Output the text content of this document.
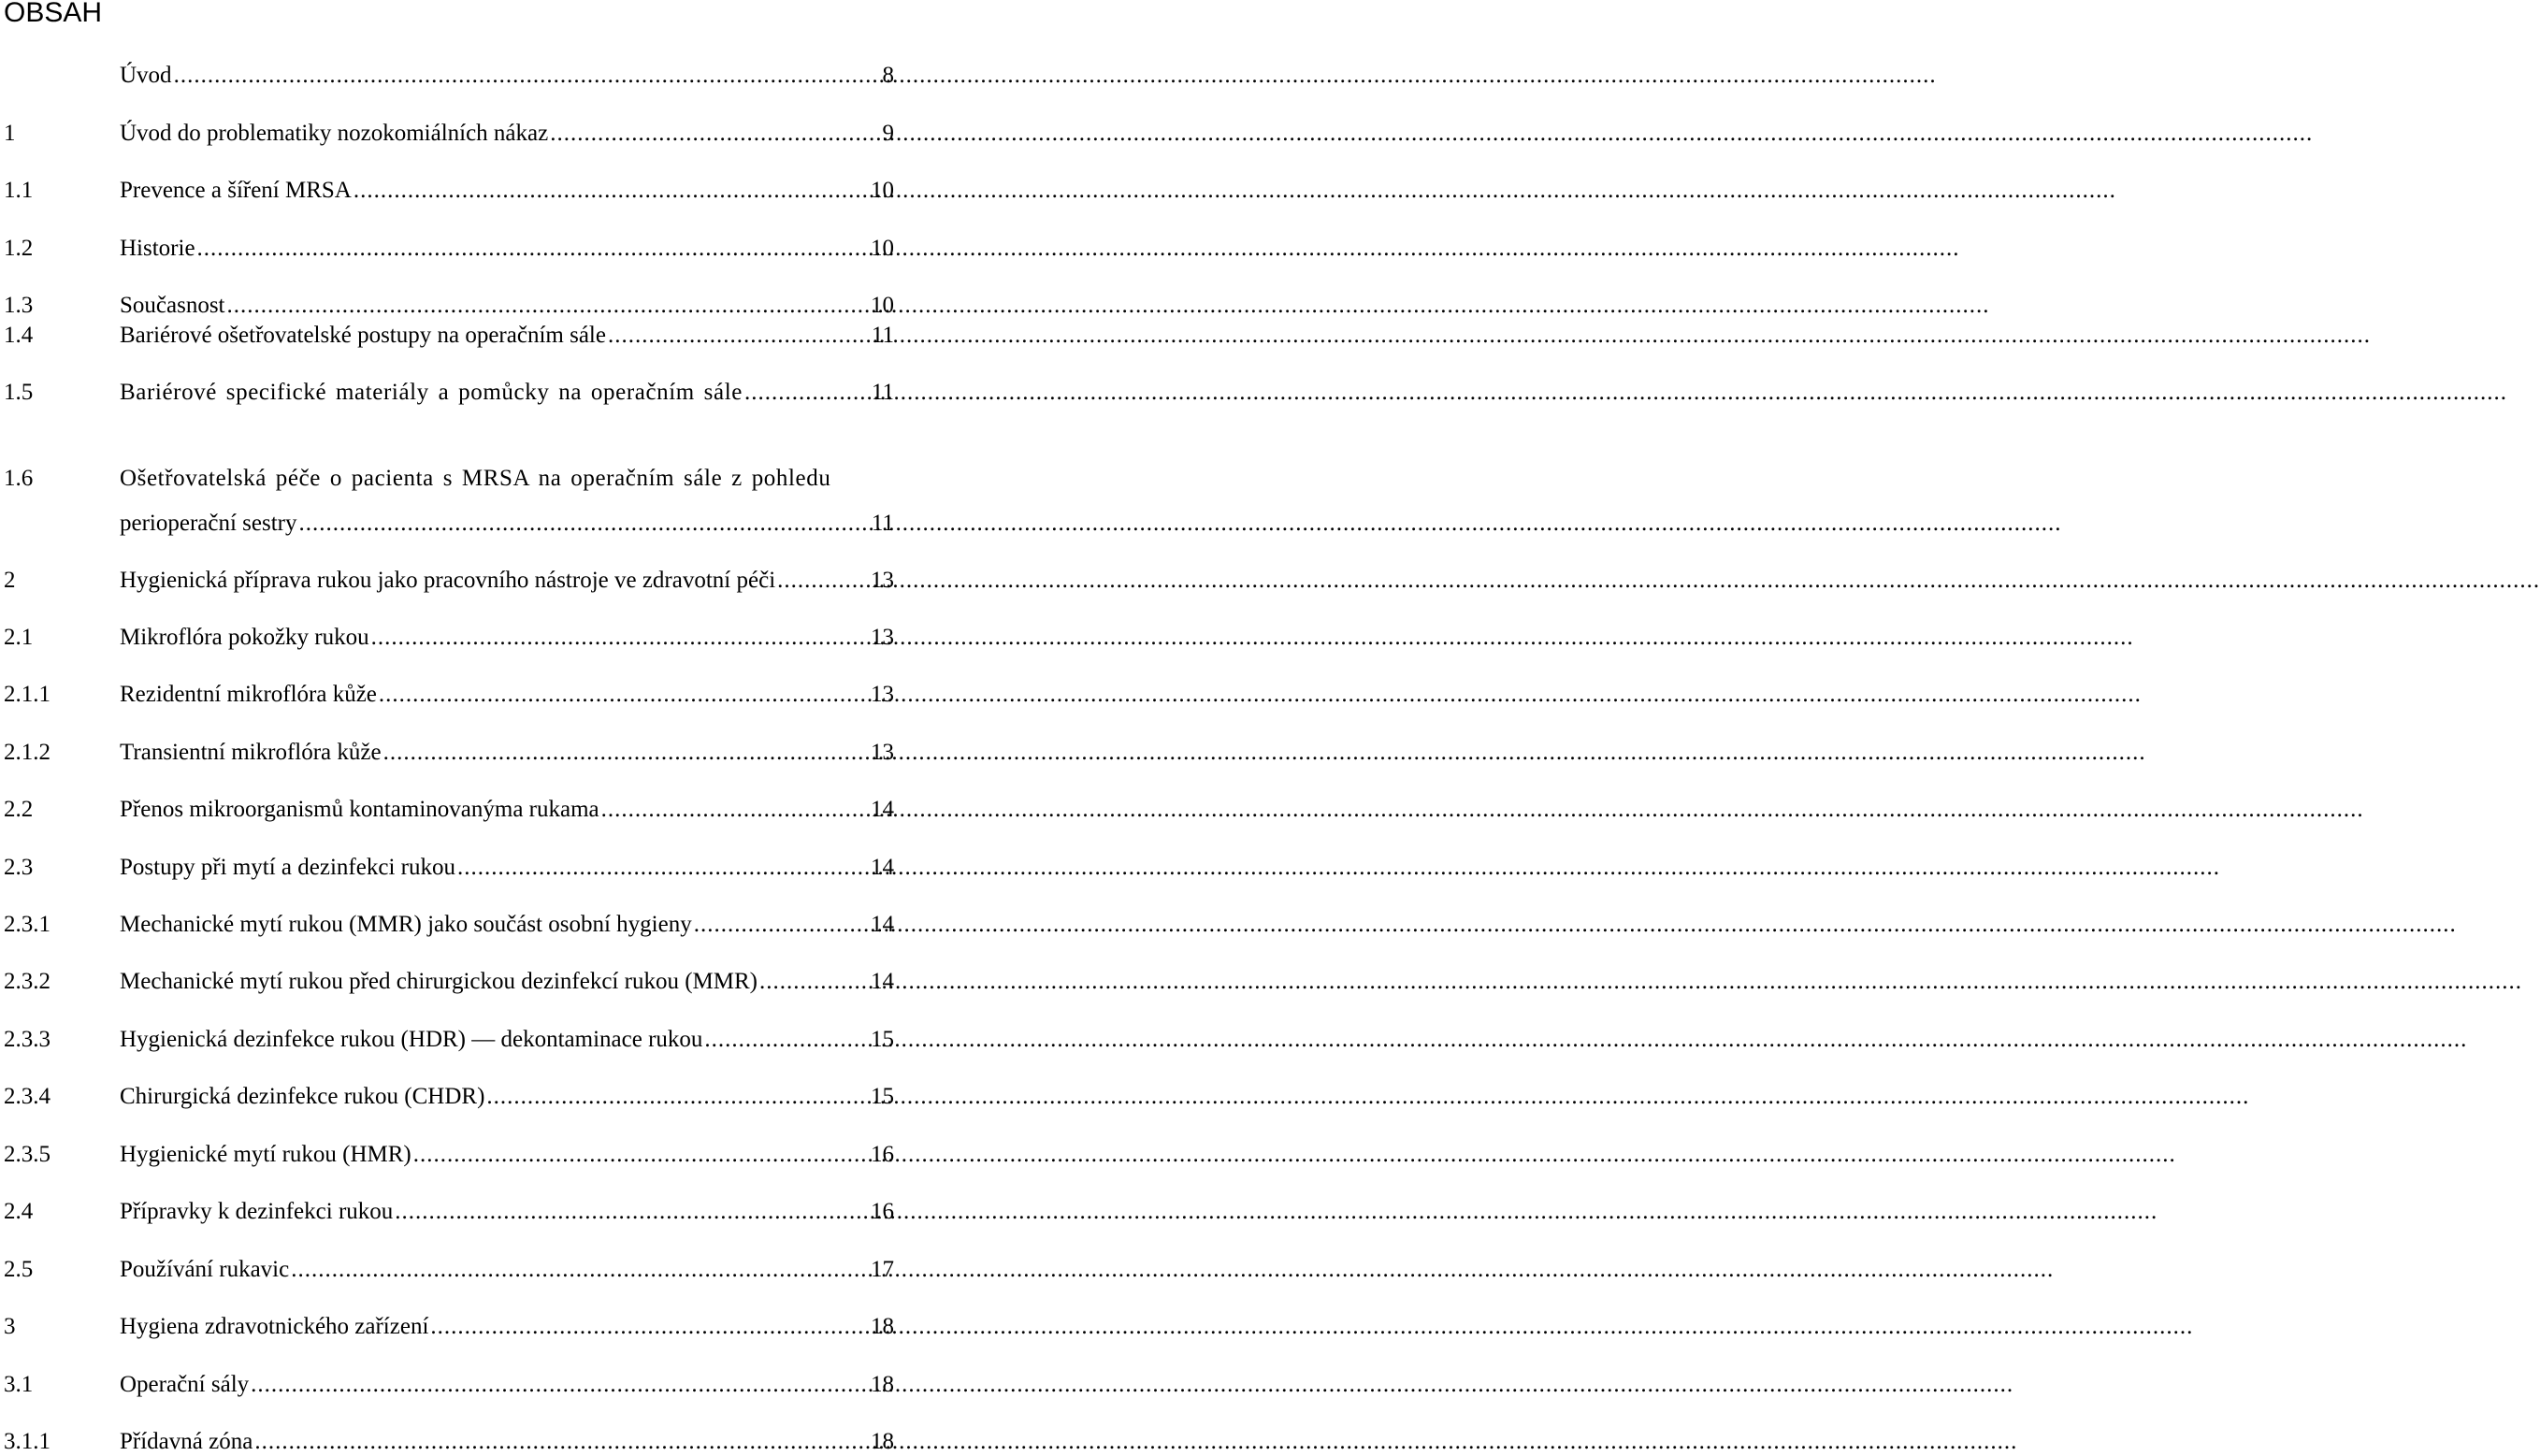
OBSAH
Úvod .....	8
1	Úvod do problematiky nozokomiálních nákaz .....	9
1.1	Prevence a šíření MRSA .....	10
1.2	Historie .....	10
1.3	Současnost .....	10
1.4	Bariérové ošetřovatelské postupy na operačním sále .....	11
1.5	Bariérové specifické materiály a pomůcky na operačním sále .....	11
1.6	Ošetřovatelská péče o pacienta s MRSA na operačním sále z pohledu
perioperační sestry .....	11
2	Hygienická příprava rukou jako pracovního nástroje ve zdravotní péči .....	13
2.1	Mikroflóra pokožky rukou .....	13
2.1.1	Rezidentní mikroflóra kůže .....	13
2.1.2	Transientní mikroflóra kůže .....	13
2.2	Přenos mikroorganismů kontaminovanýma rukama .....	14
2.3	Postupy při mytí a dezinfekci rukou .....	14
2.3.1	Mechanické mytí rukou (MMR) jako součást osobní hygieny .....	14
2.3.2	Mechanické mytí rukou před chirurgickou dezinfekcí rukou (MMR) .....	14
2.3.3	Hygienická dezinfekce rukou (HDR) — dekontaminace rukou .....	15
2.3.4	Chirurgická dezinfekce rukou (CHDR) .....	15
2.3.5	Hygienické mytí rukou (HMR) .....	16
2.4	Přípravky k dezinfekci rukou .....	16
2.5	Používání rukavic .....	17
3	Hygiena zdravotnického zařízení .....	18
3.1	Operační sály .....	18
3.1.1	Přídavná zóna .....	18
